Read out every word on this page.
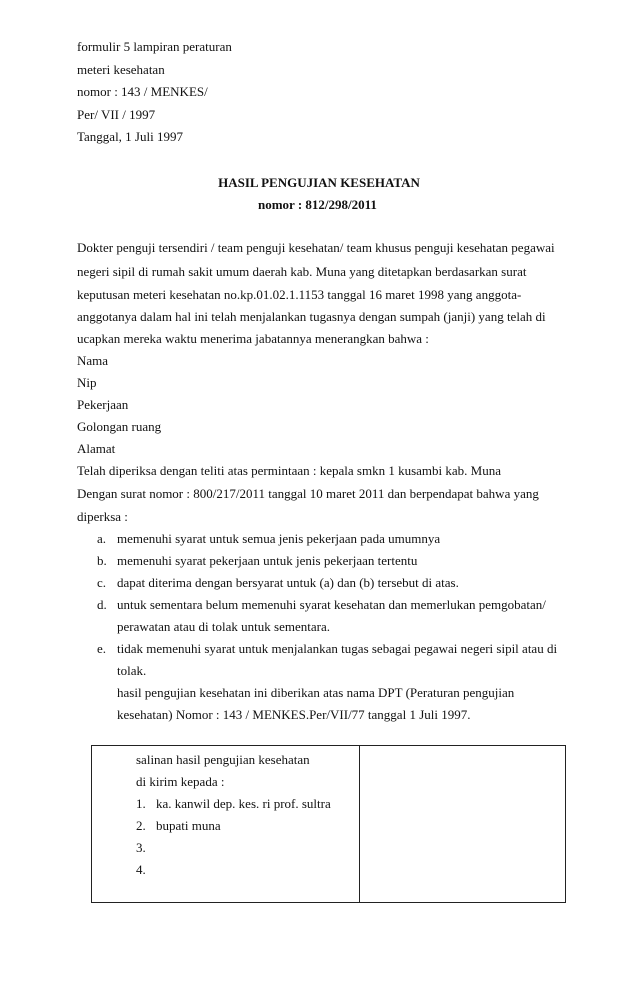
formulir 5 lampiran peraturan
meteri kesehatan
nomor : 143 / MENKES/
Per/ VII / 1997
Tanggal, 1 Juli 1997
HASIL PENGUJIAN KESEHATAN
nomor : 812/298/2011
Dokter penguji tersendiri / team penguji kesehatan/ team khusus penguji kesehatan pegawai
negeri sipil di rumah sakit umum daerah kab. Muna yang ditetapkan berdasarkan surat
keputusan meteri kesehatan no.kp.01.02.1.1153 tanggal 16 maret 1998 yang anggota-
anggotanya dalam hal ini telah menjalankan tugasnya dengan sumpah (janji) yang telah di
ucapkan mereka waktu menerima jabatannya menerangkan bahwa :
Nama
Nip
Pekerjaan
Golongan ruang
Alamat
Telah diperiksa dengan teliti atas permintaan : kepala smkn 1 kusambi kab. Muna
Dengan surat nomor : 800/217/2011 tanggal 10 maret 2011 dan berpendapat bahwa yang
diperksa :
a. memenuhi syarat untuk semua jenis pekerjaan pada umumnya
b. memenuhi syarat pekerjaan untuk jenis pekerjaan tertentu
c. dapat diterima dengan bersyarat untuk (a) dan (b) tersebut di atas.
d. untuk sementara belum memenuhi syarat kesehatan dan memerlukan pemgobatan/
perawatan atau di tolak untuk sementara.
e. tidak memenuhi syarat untuk menjalankan tugas sebagai pegawai negeri sipil atau di
tolak.
hasil pengujian kesehatan ini diberikan atas nama DPT (Peraturan pengujian
kesehatan) Nomor : 143 / MENKES.Per/VII/77 tanggal 1 Juli 1997.
salinan hasil pengujian kesehatan
di kirim kepada :
1. ka. kanwil dep. kes. ri prof. sultra
2. bupati muna
3.
4.
